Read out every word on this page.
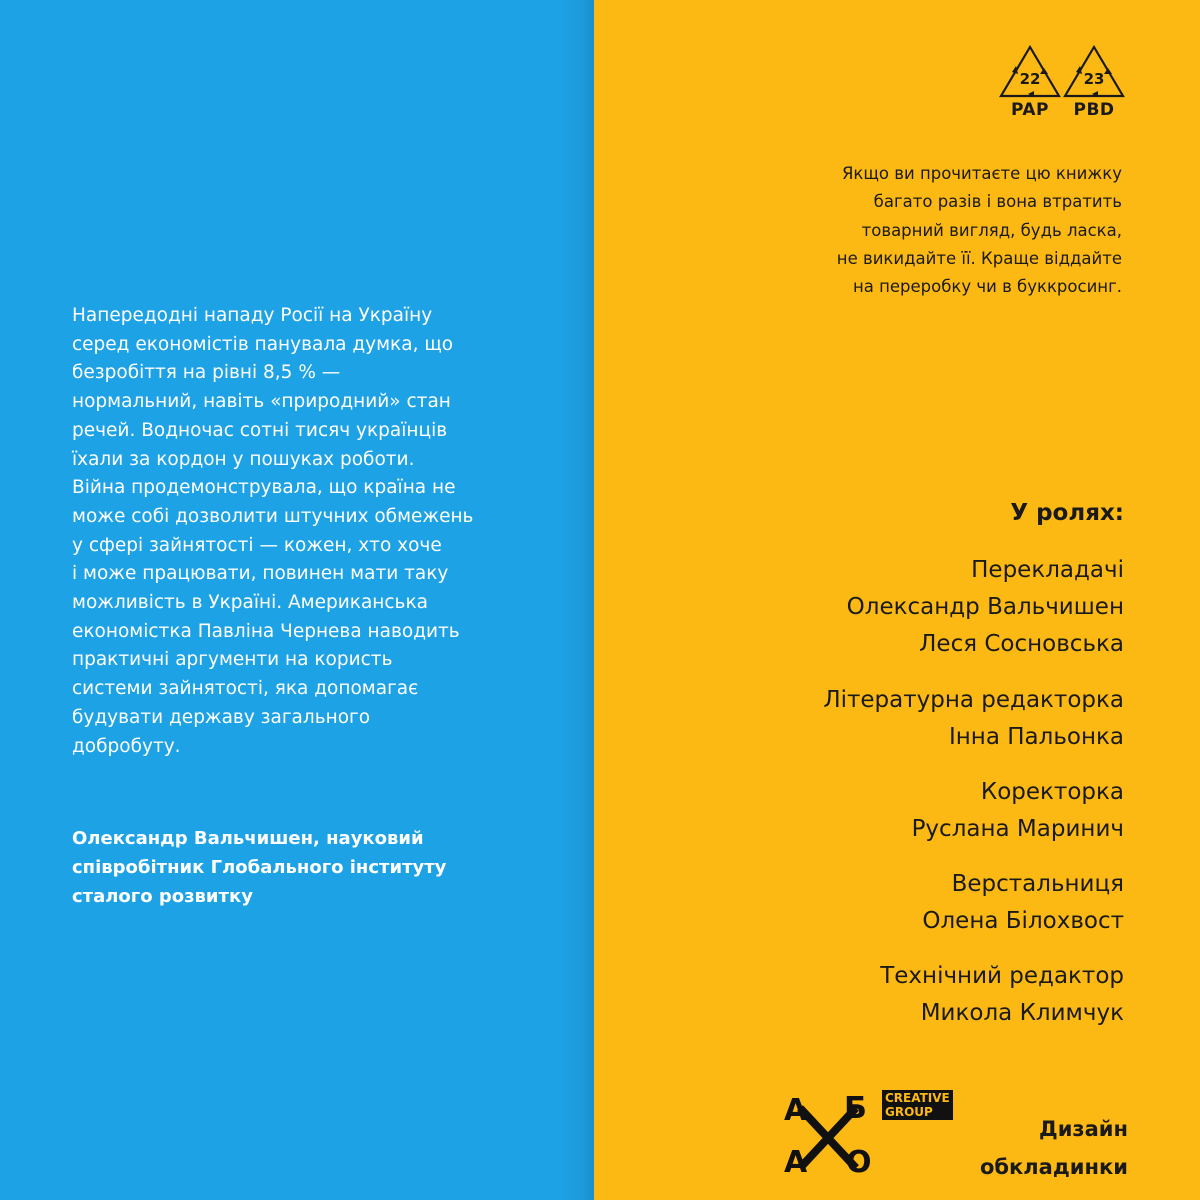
Напередодні нападу Росії на Україну
серед економістів панувала думка, що
безробіття на рівні 8,5 % —
нормальний, навіть «природний» стан
речей. Водночас сотні тисяч українців
їхали за кордон у пошуках роботи.
Війна продемонструвала, що країна не
може собі дозволити штучних обмежень
у сфері зайнятості — кожен, хто хоче
і може працювати, повинен мати таку
можливість в Україні. Американська
економістка Павліна Чернева наводить
практичні аргументи на користь
системи зайнятості, яка допомагає
будувати державу загального
добробуту.

Олександр Вальчишен, науковий
співробітник Глобального інституту
сталого розвитку

22
PAP
23
PBD

Якщо ви прочитаєте цю книжку
багато разів і вона втратить
товарний вигляд, будь ласка,
не викидайте її. Краще віддайте
на переробку чи в буккросинг.

У ролях:

Перекладачі
Олександр Вальчишен
Леся Сосновська

Літературна редакторка
Інна Пальонка

Коректорка
Руслана Маринич

Верстальниця
Олена Білохвост

Технічний редактор
Микола Климчук

А Б
А О
CREATIVE
GROUP

Дизайн
обкладинки
